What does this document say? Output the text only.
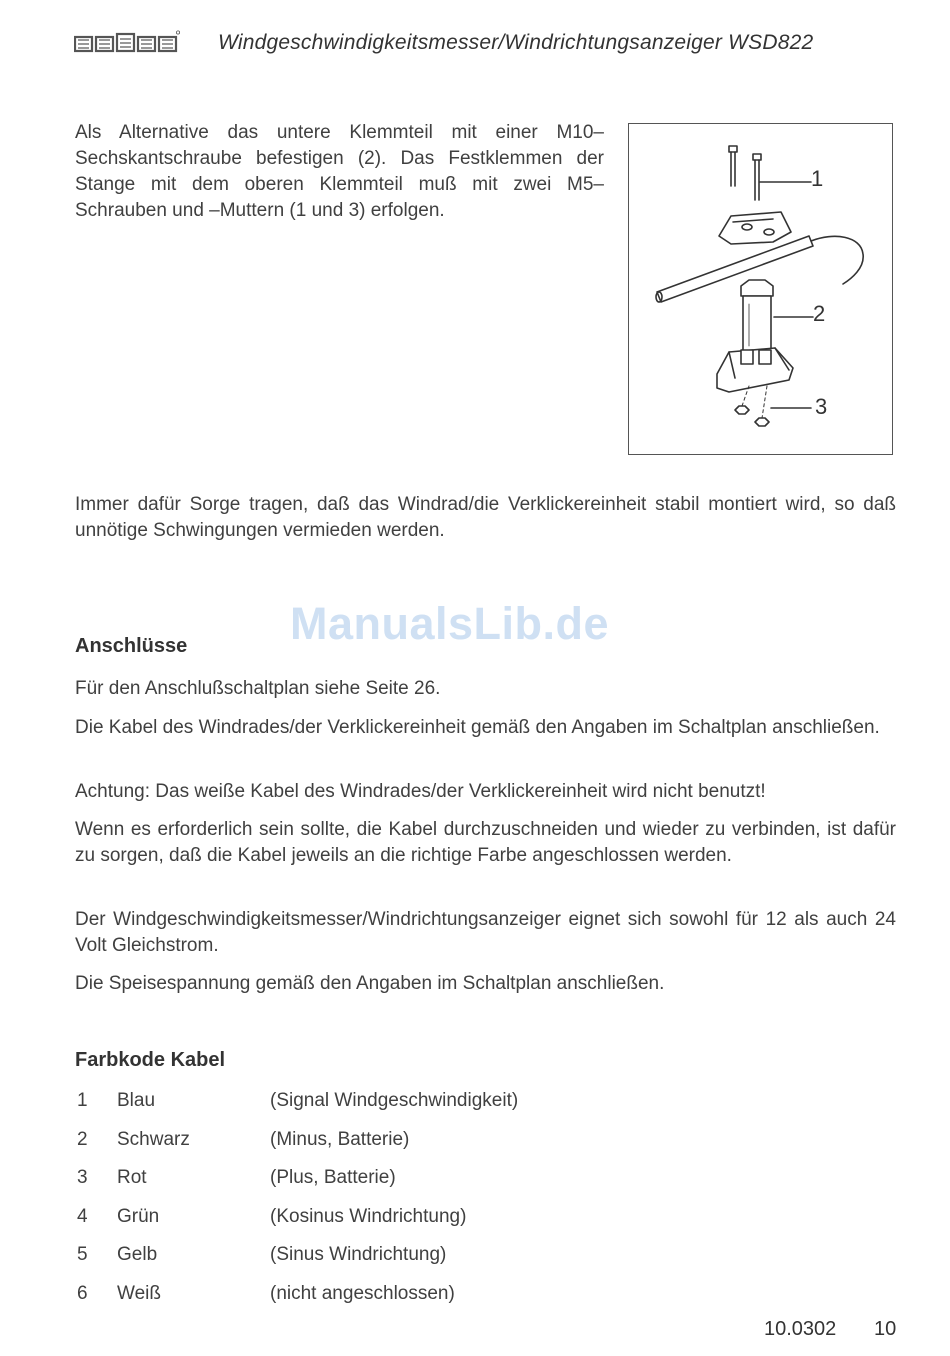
Windgeschwindigkeitsmesser/Windrichtungsanzeiger WSD822
Als Alternative das untere Klemmteil mit einer M10–Sechskantschraube befestigen (2). Das Festklemmen der Stange mit dem oberen Klemmteil muß mit zwei M5–Schrauben und –Muttern (1 und 3) erfolgen.
1
2
3
Immer dafür Sorge tragen, daß das Windrad/die Verklickereinheit stabil montiert wird, so daß unnötige Schwingungen vermieden werden.
ManualsLib.de
Anschlüsse
Für den Anschlußschaltplan siehe Seite 26.
Die Kabel des Windrades/der Verklickereinheit gemäß den Angaben im Schaltplan anschließen.
Achtung: Das weiße Kabel des Windrades/der Verklickereinheit wird nicht benutzt!
Wenn es erforderlich sein sollte, die Kabel durchzuschneiden und wieder zu verbinden, ist dafür zu sorgen, daß die Kabel jeweils an die richtige Farbe angeschlossen werden.
Der Windgeschwindigkeitsmesser/Windrichtungsanzeiger eignet sich sowohl für 12 als auch 24 Volt Gleichstrom.
Die Speisespannung gemäß den Angaben im Schaltplan anschließen.
Farbkode Kabel
1 Blau	(Signal Windgeschwindigkeit)
2 Schwarz	(Minus, Batterie)
3 Rot	(Plus, Batterie)
4 Grün	(Kosinus Windrichtung)
5 Gelb	(Sinus Windrichtung)
6 Weiß	(nicht angeschlossen)
10.0302 10
